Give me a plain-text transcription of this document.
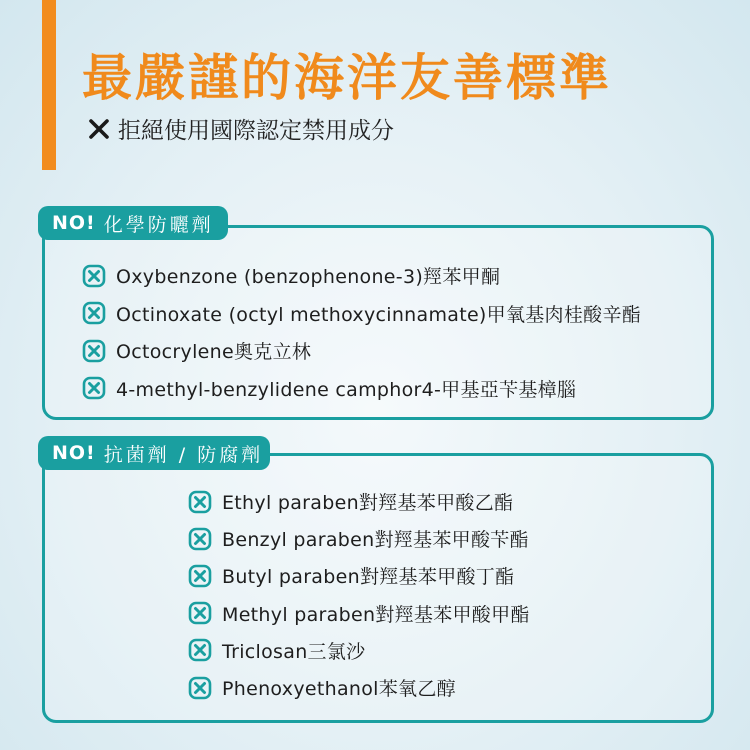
最嚴謹的海洋友善標準
拒絕使用國際認定禁用成分
NO! 化學防曬劑
Oxybenzone (benzophenone-3)羥苯甲酮
Octinoxate (octyl methoxycinnamate)甲氧基肉桂酸辛酯
Octocrylene奧克立林
4-methyl-benzylidene camphor4-甲基亞苄基樟腦
NO! 抗菌劑 / 防腐劑
Ethyl paraben對羥基苯甲酸乙酯
Benzyl paraben對羥基苯甲酸苄酯
Butyl paraben對羥基苯甲酸丁酯
Methyl paraben對羥基苯甲酸甲酯
Triclosan三氯沙
Phenoxyethanol苯氧乙醇
